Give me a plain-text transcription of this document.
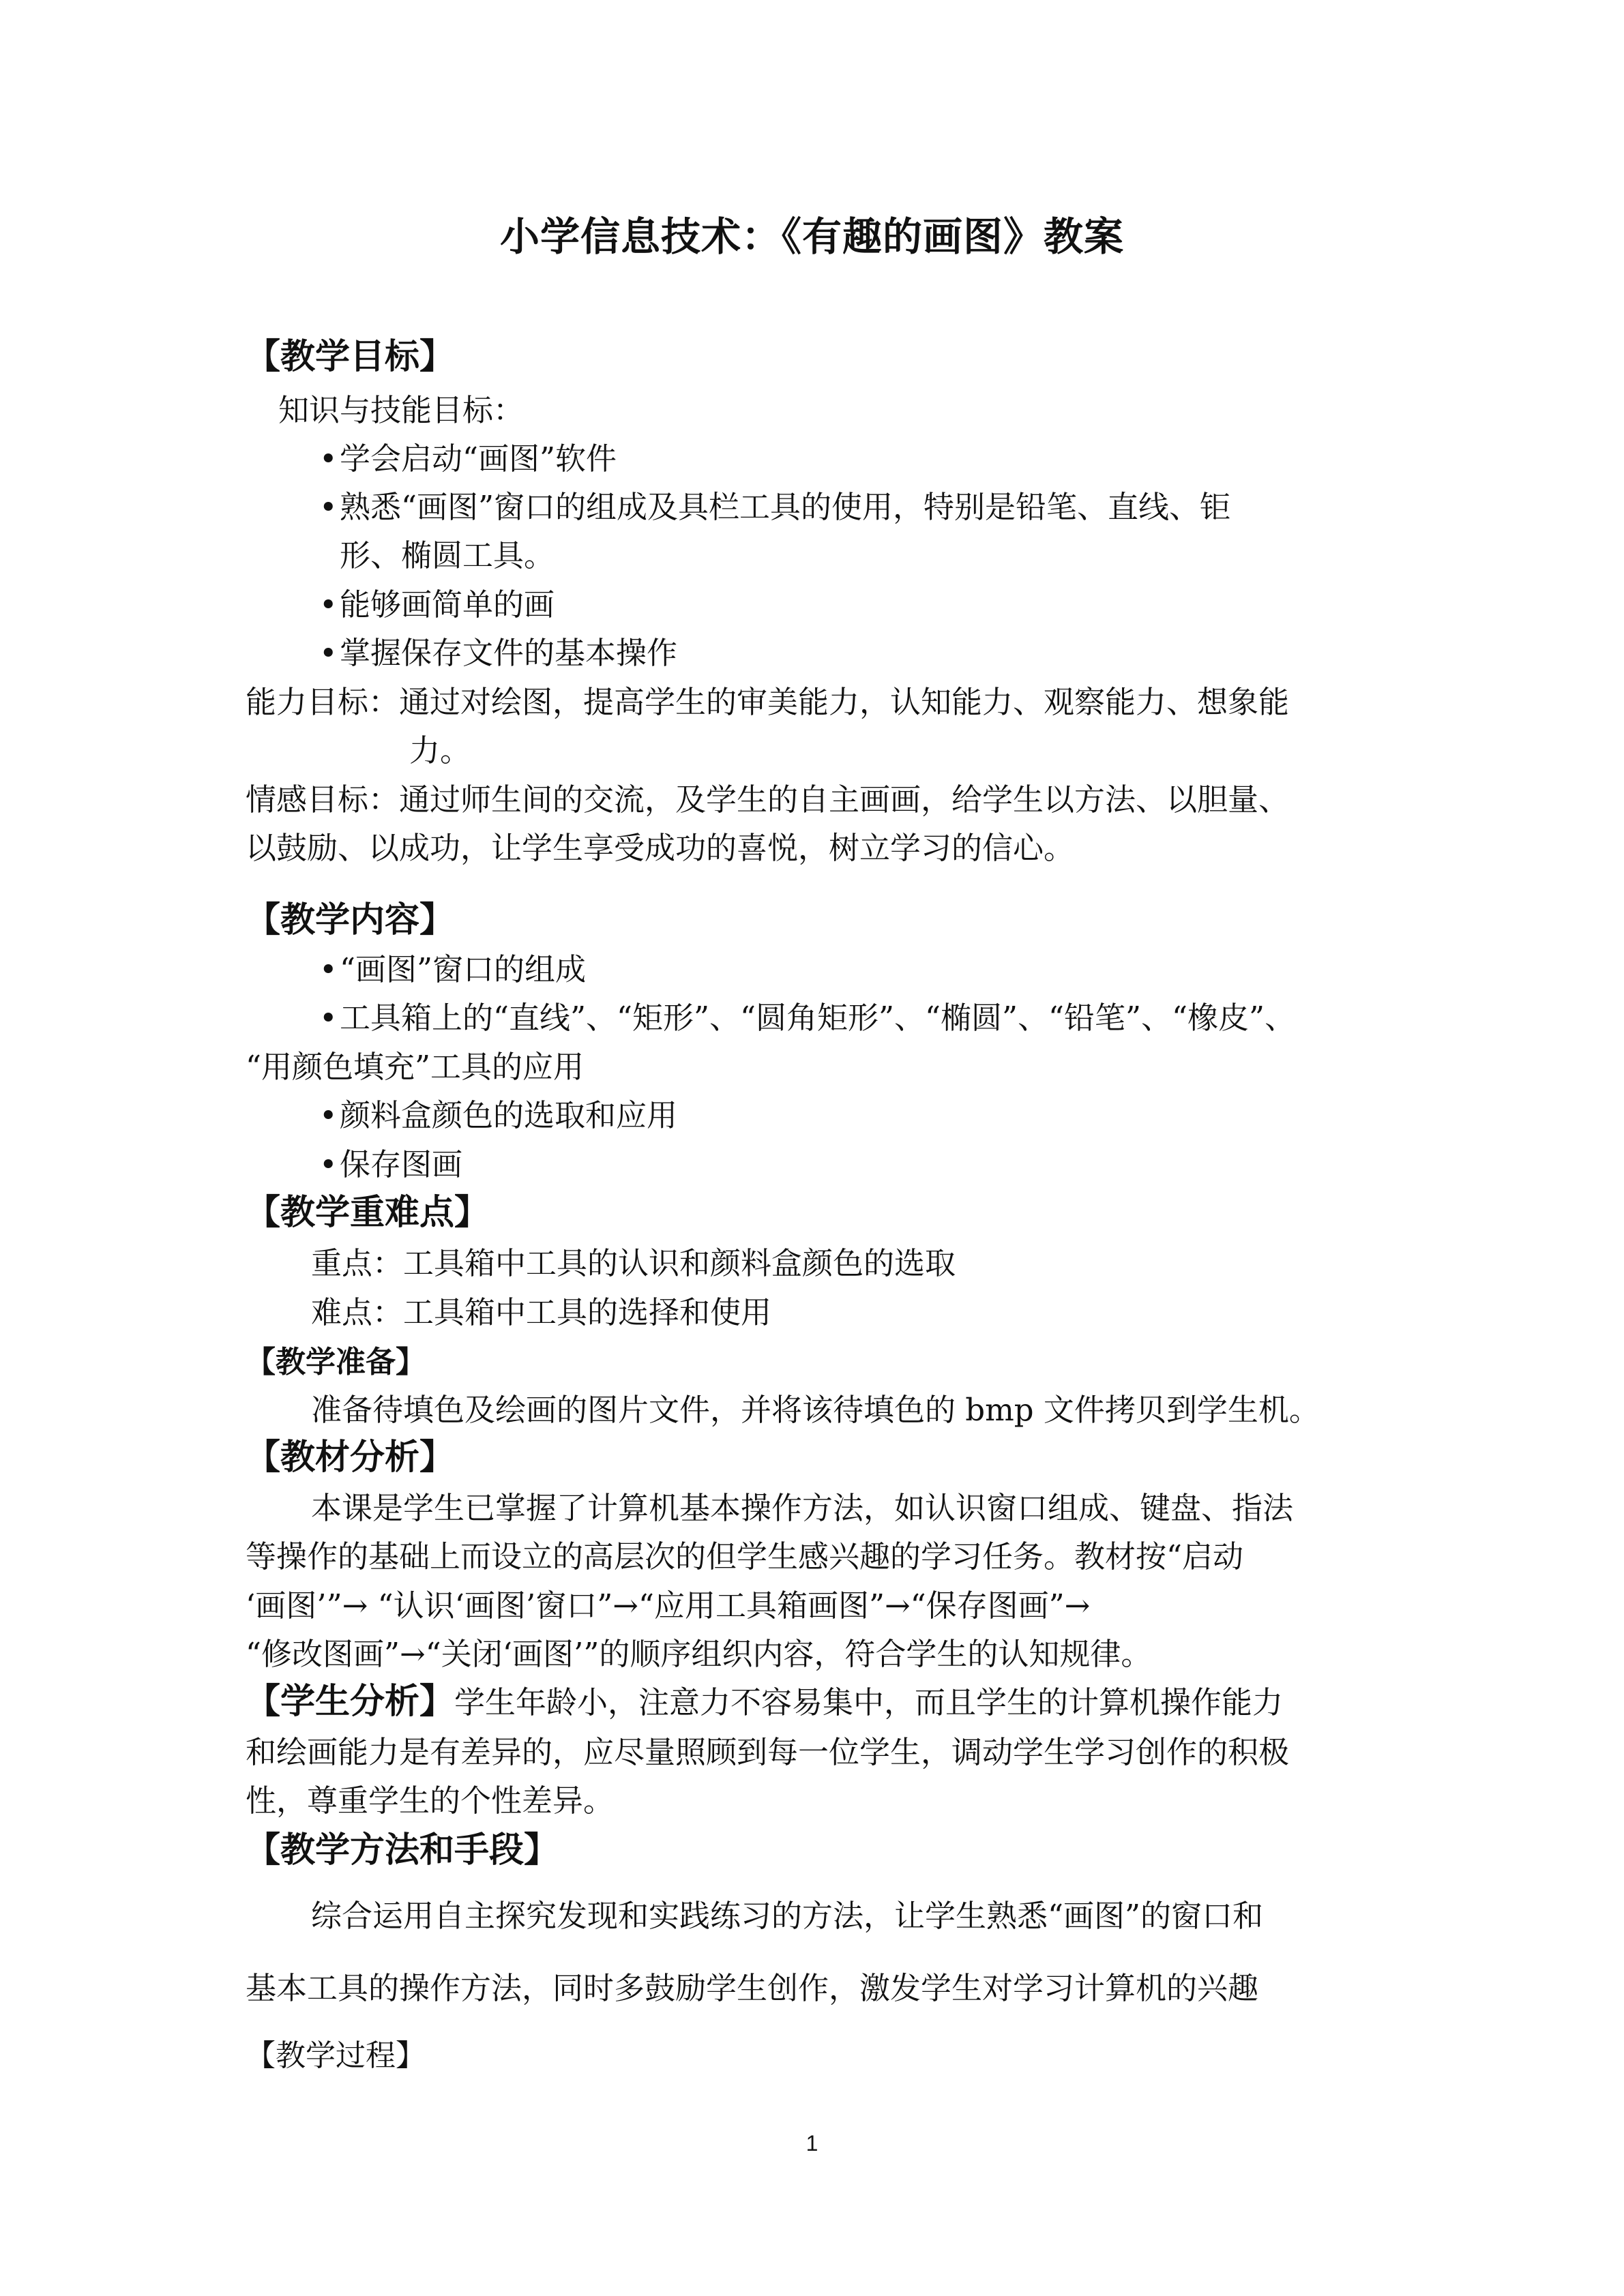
小学信息技术：《有趣的画图》教案
【教学目标】
知识与技能目标：
•学会启动“画图”软件
•熟悉“画图”窗口的组成及具栏工具的使用，特别是铅笔、直线、钜
形、椭圆工具。
•能够画简单的画
•掌握保存文件的基本操作
能力目标：通过对绘图，提高学生的审美能力，认知能力、观察能力、想象能
力。
情感目标：通过师生间的交流，及学生的自主画画，给学生以方法、以胆量、
以鼓励、以成功，让学生享受成功的喜悦，树立学习的信心。
【教学内容】
•“画图”窗口的组成
•工具箱上的“直线”、“矩形”、“圆角矩形”、“椭圆”、“铅笔”、“橡皮”、
“用颜色填充”工具的应用
•颜料盒颜色的选取和应用
•保存图画
【教学重难点】
重点：工具箱中工具的认识和颜料盒颜色的选取
难点：工具箱中工具的选择和使用
【教学准备】
准备待填色及绘画的图片文件，并将该待填色的 bmp 文件拷贝到学生机。
【教材分析】
本课是学生已掌握了计算机基本操作方法，如认识窗口组成、键盘、指法
等操作的基础上而设立的高层次的但学生感兴趣的学习任务。教材按“启动
‘画图’”→ “认识‘画图’窗口”→“应用工具箱画图”→“保存图画”→
“修改图画”→“关闭‘画图’”的顺序组织内容，符合学生的认知规律。
【学生分析】学生年龄小，注意力不容易集中，而且学生的计算机操作能力
和绘画能力是有差异的，应尽量照顾到每一位学生，调动学生学习创作的积极
性，尊重学生的个性差异。
【教学方法和手段】
综合运用自主探究发现和实践练习的方法，让学生熟悉“画图”的窗口和
基本工具的操作方法，同时多鼓励学生创作，激发学生对学习计算机的兴趣
【教学过程】
1
